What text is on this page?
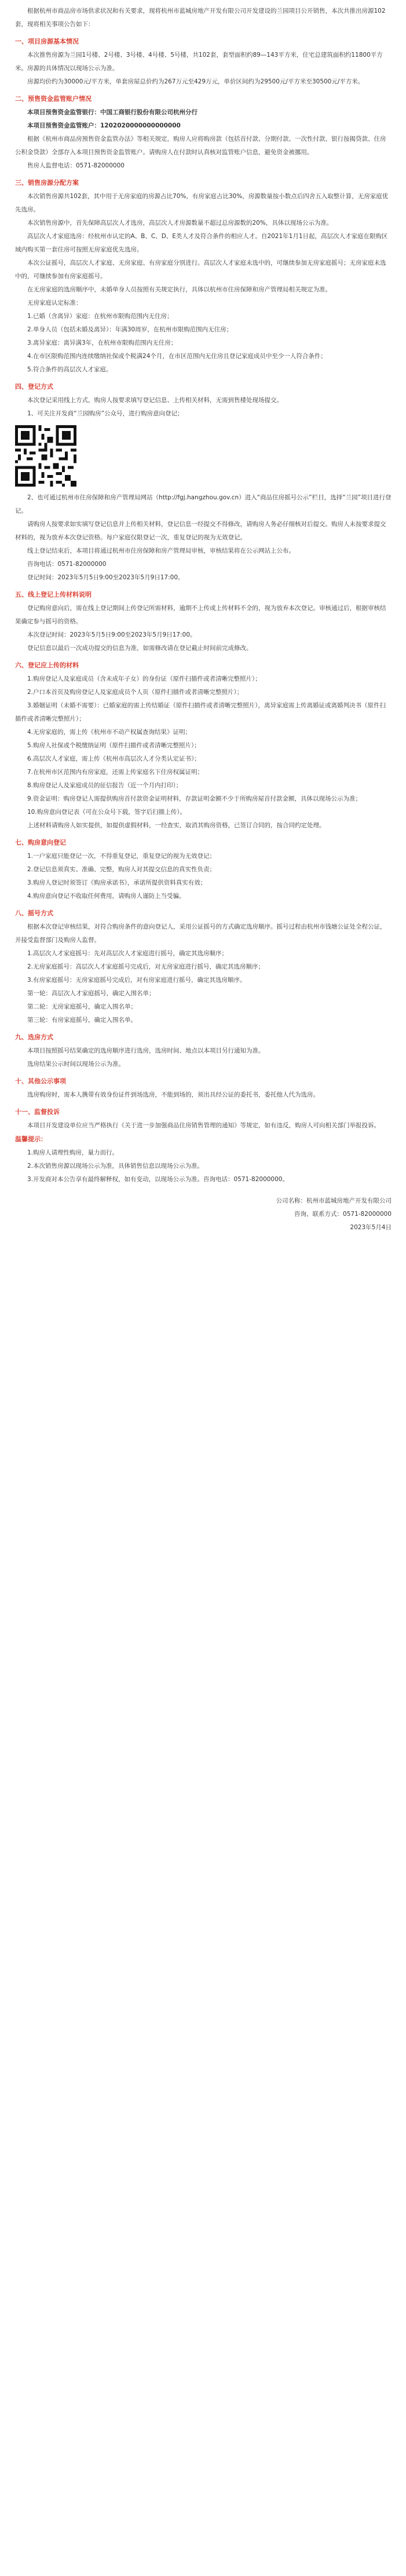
根据杭州市商品房市场供求状况和有关要求，现将杭州市蓝城房地产开发有限公司开发建设的兰园项目公开销售，本次共推出房源102套，现将相关事项公告如下：

一、项目房源基本情况

本次推售房源为兰园1号楼、2号楼、3号楼、4号楼、5号楼，共102套，套型面积约89—143平方米，住宅总建筑面积约11800平方米。房源的具体情况以现场公示为准。

房源均价约为30000元/平方米，单套房屋总价约为267万元至429万元，单价区间约为29500元/平方米至30500元/平方米。

二、预售资金监管账户情况

本项目预售资金监管银行：中国工商银行股份有限公司杭州分行

本项目预售资金监管账户：1202020000000000000

根据《杭州市商品房预售资金监管办法》等相关规定，购房人应将购房款（包括首付款、分期付款、一次性付款、银行按揭贷款、住房公积金贷款）全部存入本项目预售资金监管账户。请购房人在付款时认真核对监管账户信息，避免资金被挪用。

售房人监督电话：0571-82000000

三、销售房源分配方案

本次销售房源共102套，其中用于无房家庭的房源占比70%，有房家庭占比30%，房源数量按小数点后四舍五入取整计算，无房家庭优先选房。

本次销售房源中，首先保障高层次人才选房，高层次人才房源数量不超过总房源数的20%，具体以现场公示为准。

高层次人才家庭选房：经杭州市认定的A、B、C、D、E类人才及符合条件的相应人才。自2021年1月1日起，高层次人才家庭在限购区域内购买第一套住房可按照无房家庭优先选房。

本次公证摇号，高层次人才家庭、无房家庭、有房家庭分别进行。高层次人才家庭未选中的，可继续参加无房家庭摇号；无房家庭未选中的，可继续参加有房家庭摇号。

在无房家庭的选房顺序中，未婚单身人员按照有关规定执行，具体以杭州市住房保障和房产管理局相关规定为准。

无房家庭认定标准：

1.已婚（含离异）家庭：在杭州市限购范围内无住房；

2.单身人员（包括未婚及离异）：年满30周岁，在杭州市限购范围内无住房；

3.离异家庭：离异满3年，在杭州市限购范围内无住房；

4.在市区限购范围内连续缴纳社保或个税满24个月，在市区范围内无住房且登记家庭成员中至少一人符合条件；

5.符合条件的高层次人才家庭。

四、登记方式

本次登记采用线上方式，购房人按要求填写登记信息、上传相关材料，无需到售楼处现场提交。

1、可关注开发商“兰园购房”公众号，进行购房意向登记；

2、也可通过杭州市住房保障和房产管理局网站（http://fgj.hangzhou.gov.cn）进入“商品住房摇号公示”栏目，选择“兰园”项目进行登记。

请购房人按要求如实填写登记信息并上传相关材料，登记信息一经提交不得修改，请购房人务必仔细核对后提交。购房人未按要求提交材料的，视为放弃本次登记资格。每户家庭仅限登记一次，重复登记的视为无效登记。

线上登记结束后，本项目将通过杭州市住房保障和房产管理局审核，审核结果将在公示网站上公布。

咨询电话：0571-82000000

登记时间：2023年5月5日9:00至2023年5月9日17:00。

五、线上登记上传材料说明

登记购房意向后，需在线上登记期间上传登记所需材料，逾期不上传或上传材料不全的，视为放弃本次登记。审核通过后，根据审核结果确定参与摇号的资格。

本次登记时间：2023年5月5日9:00至2023年5月9日17:00。

登记信息以最后一次成功提交的信息为准，如需修改请在登记截止时间前完成修改。

六、登记应上传的材料

1.购房登记人及家庭成员（含未成年子女）的身份证（原件扫描件或者清晰完整照片）；

2.户口本首页及购房登记人及家庭成员个人页（原件扫描件或者清晰完整照片）；

3.婚姻证明（未婚不需要）：已婚家庭的需上传结婚证（原件扫描件或者清晰完整照片），离异家庭需上传离婚证或离婚判决书（原件扫描件或者清晰完整照片）；

4.无房家庭的，需上传《杭州市不动产权属查询结果》证明；

5.购房人社保或个税缴纳证明（原件扫描件或者清晰完整照片）；

6.高层次人才家庭，需上传《杭州市高层次人才分类认定证书》；

7.在杭州市区范围内有房家庭，还需上传家庭名下住房权属证明；

8.购房登记人及家庭成员的征信报告（近一个月内打印）；

9.资金证明：购房登记人需提供购房首付款资金证明材料，存款证明金额不少于所购房屋首付款金额，具体以现场公示为准；

10.购房意向登记表（可在公众号下载，签字后扫描上传）。

上述材料请购房人如实提供，如提供虚假材料，一经查实，取消其购房资格，已签订合同的，按合同约定处理。

七、购房意向登记

1.一户家庭只能登记一次，不得重复登记，重复登记的视为无效登记；

2.登记信息须真实、准确、完整，购房人对其提交信息的真实性负责；

3.购房人登记时须签订《购房承诺书》，承诺所提供资料真实有效；

4.购房意向登记不收取任何费用，请购房人谨防上当受骗。

八、摇号方式

根据本次登记审核结果，对符合购房条件的意向登记人，采用公证摇号的方式确定选房顺序。摇号过程由杭州市钱塘公证处全程公证，并接受监督部门及购房人监督。

1.高层次人才家庭摇号：先对高层次人才家庭进行摇号，确定其选房顺序；

2.无房家庭摇号：高层次人才家庭摇号完成后，对无房家庭进行摇号，确定其选房顺序；

3.有房家庭摇号：无房家庭摇号完成后，对有房家庭进行摇号，确定其选房顺序。

第一轮：高层次人才家庭摇号，确定入围名单；

第二轮：无房家庭摇号，确定入围名单；

第三轮：有房家庭摇号，确定入围名单。

九、选房方式

本项目按照摇号结果确定的选房顺序进行选房，选房时间、地点以本项目另行通知为准。

选房结果公示时间以现场公示为准。

十、其他公示事项

选房购房时，需本人携带有效身份证件到场选房，不能到场的，须出具经公证的委托书，委托他人代为选房。

十一、监督投诉

本项目开发建设单位应当严格执行《关于进一步加强商品住房销售管理的通知》等规定，如有违反，购房人可向相关部门举报投诉。

温馨提示：

1.购房人请理性购房，量力而行。

2.本次销售房源以现场公示为准，具体销售信息以现场公示为准。

3.开发商对本公告享有最终解释权，如有变动，以现场公示为准。咨询电话：0571-82000000。

公司名称：杭州市蓝城房地产开发有限公司

咨询、联系方式：0571-82000000

2023年5月4日
